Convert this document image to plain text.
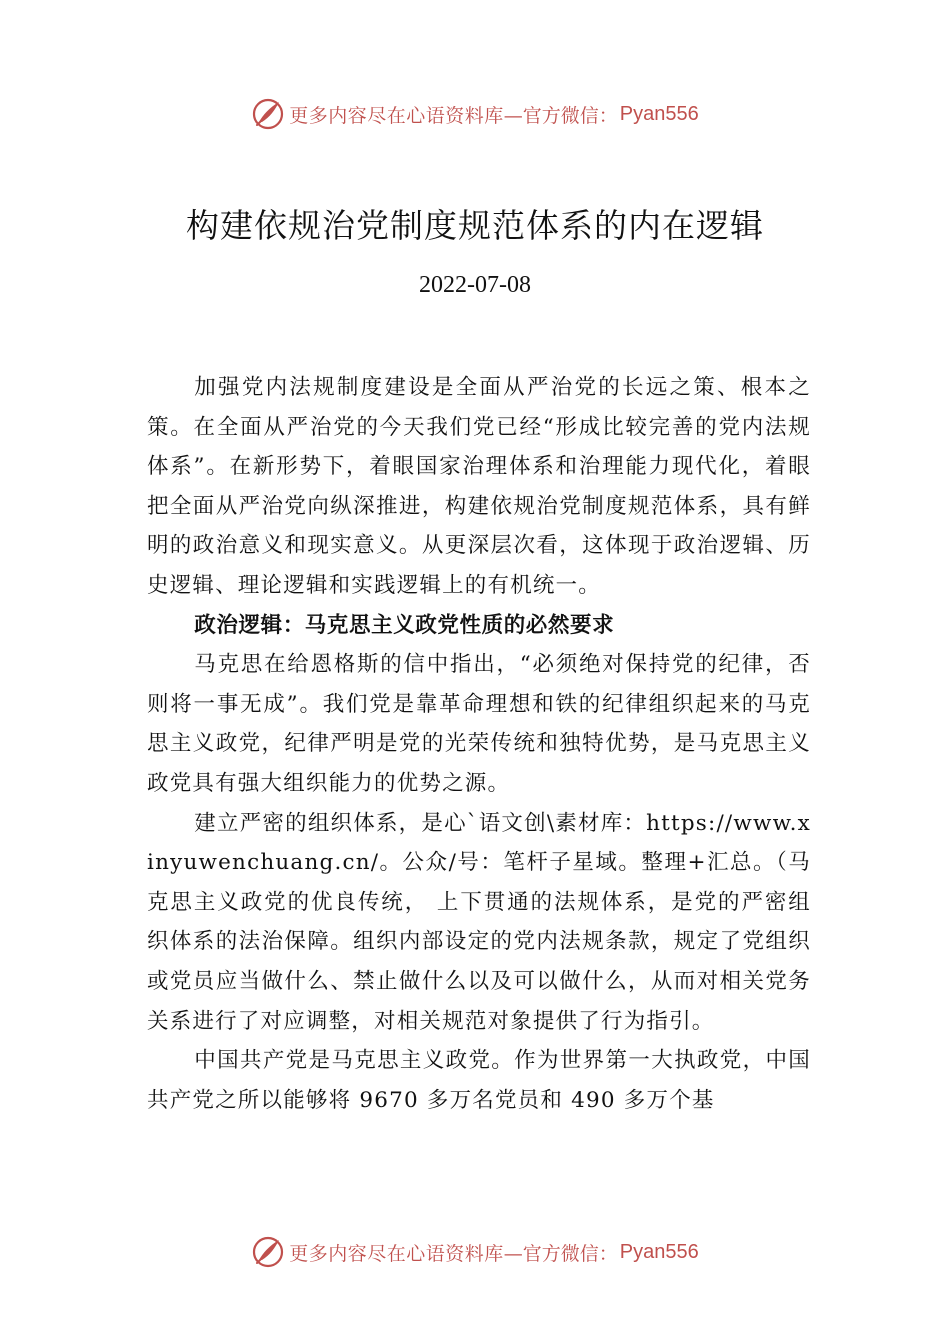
更多内容尽在心语资料库 —官方微信： Pyan556
构建依规治党制度规范体系的内在逻辑
2022-07-08

加强党内法规制度建设是全面从严治党的长远之策、根本之策。在全面从严治党的今天我们党已经“形成比较完善的党内法规体系”。在新形势下，着眼国家治理体系和治理能力现代化，着眼把全面从严治党向纵深推进，构建依规治党制度规范体系，具有鲜明的政治意义和现实意义。从更深层次看，这体现于政治逻辑、历史逻辑、理论逻辑和实践逻辑上的有机统一。

政治逻辑：马克思主义政党性质的必然要求

马克思在给恩格斯的信中指出，“必须绝对保持党的纪律，否则将一事无成”。我们党是靠革命理想和铁的纪律组织起来的马克思主义政党，纪律严明是党的光荣传统和独特优势，是马克思主义政党具有强大组织能力的优势之源。

建立严密的组织体系，是心`语文创\素材库：https://www.xinyuwenchuang.cn/。公众/号：笔杆子星域。整理+汇总。（马克思主义政党的优良传统， 上下贯通的法规体系，是党的严密组织体系的法治保障。组织内部设定的党内法规条款，规定了党组织或党员应当做什么、禁止做什么以及可以做什么，从而对相关党务关系进行了对应调整，对相关规范对象提供了行为指引。

中国共产党是马克思主义政党。作为世界第一大执政党，中国共产党之所以能够将 9670 多万名党员和 490 多万个基

更多内容尽在心语资料库 —官方微信： Pyan556
